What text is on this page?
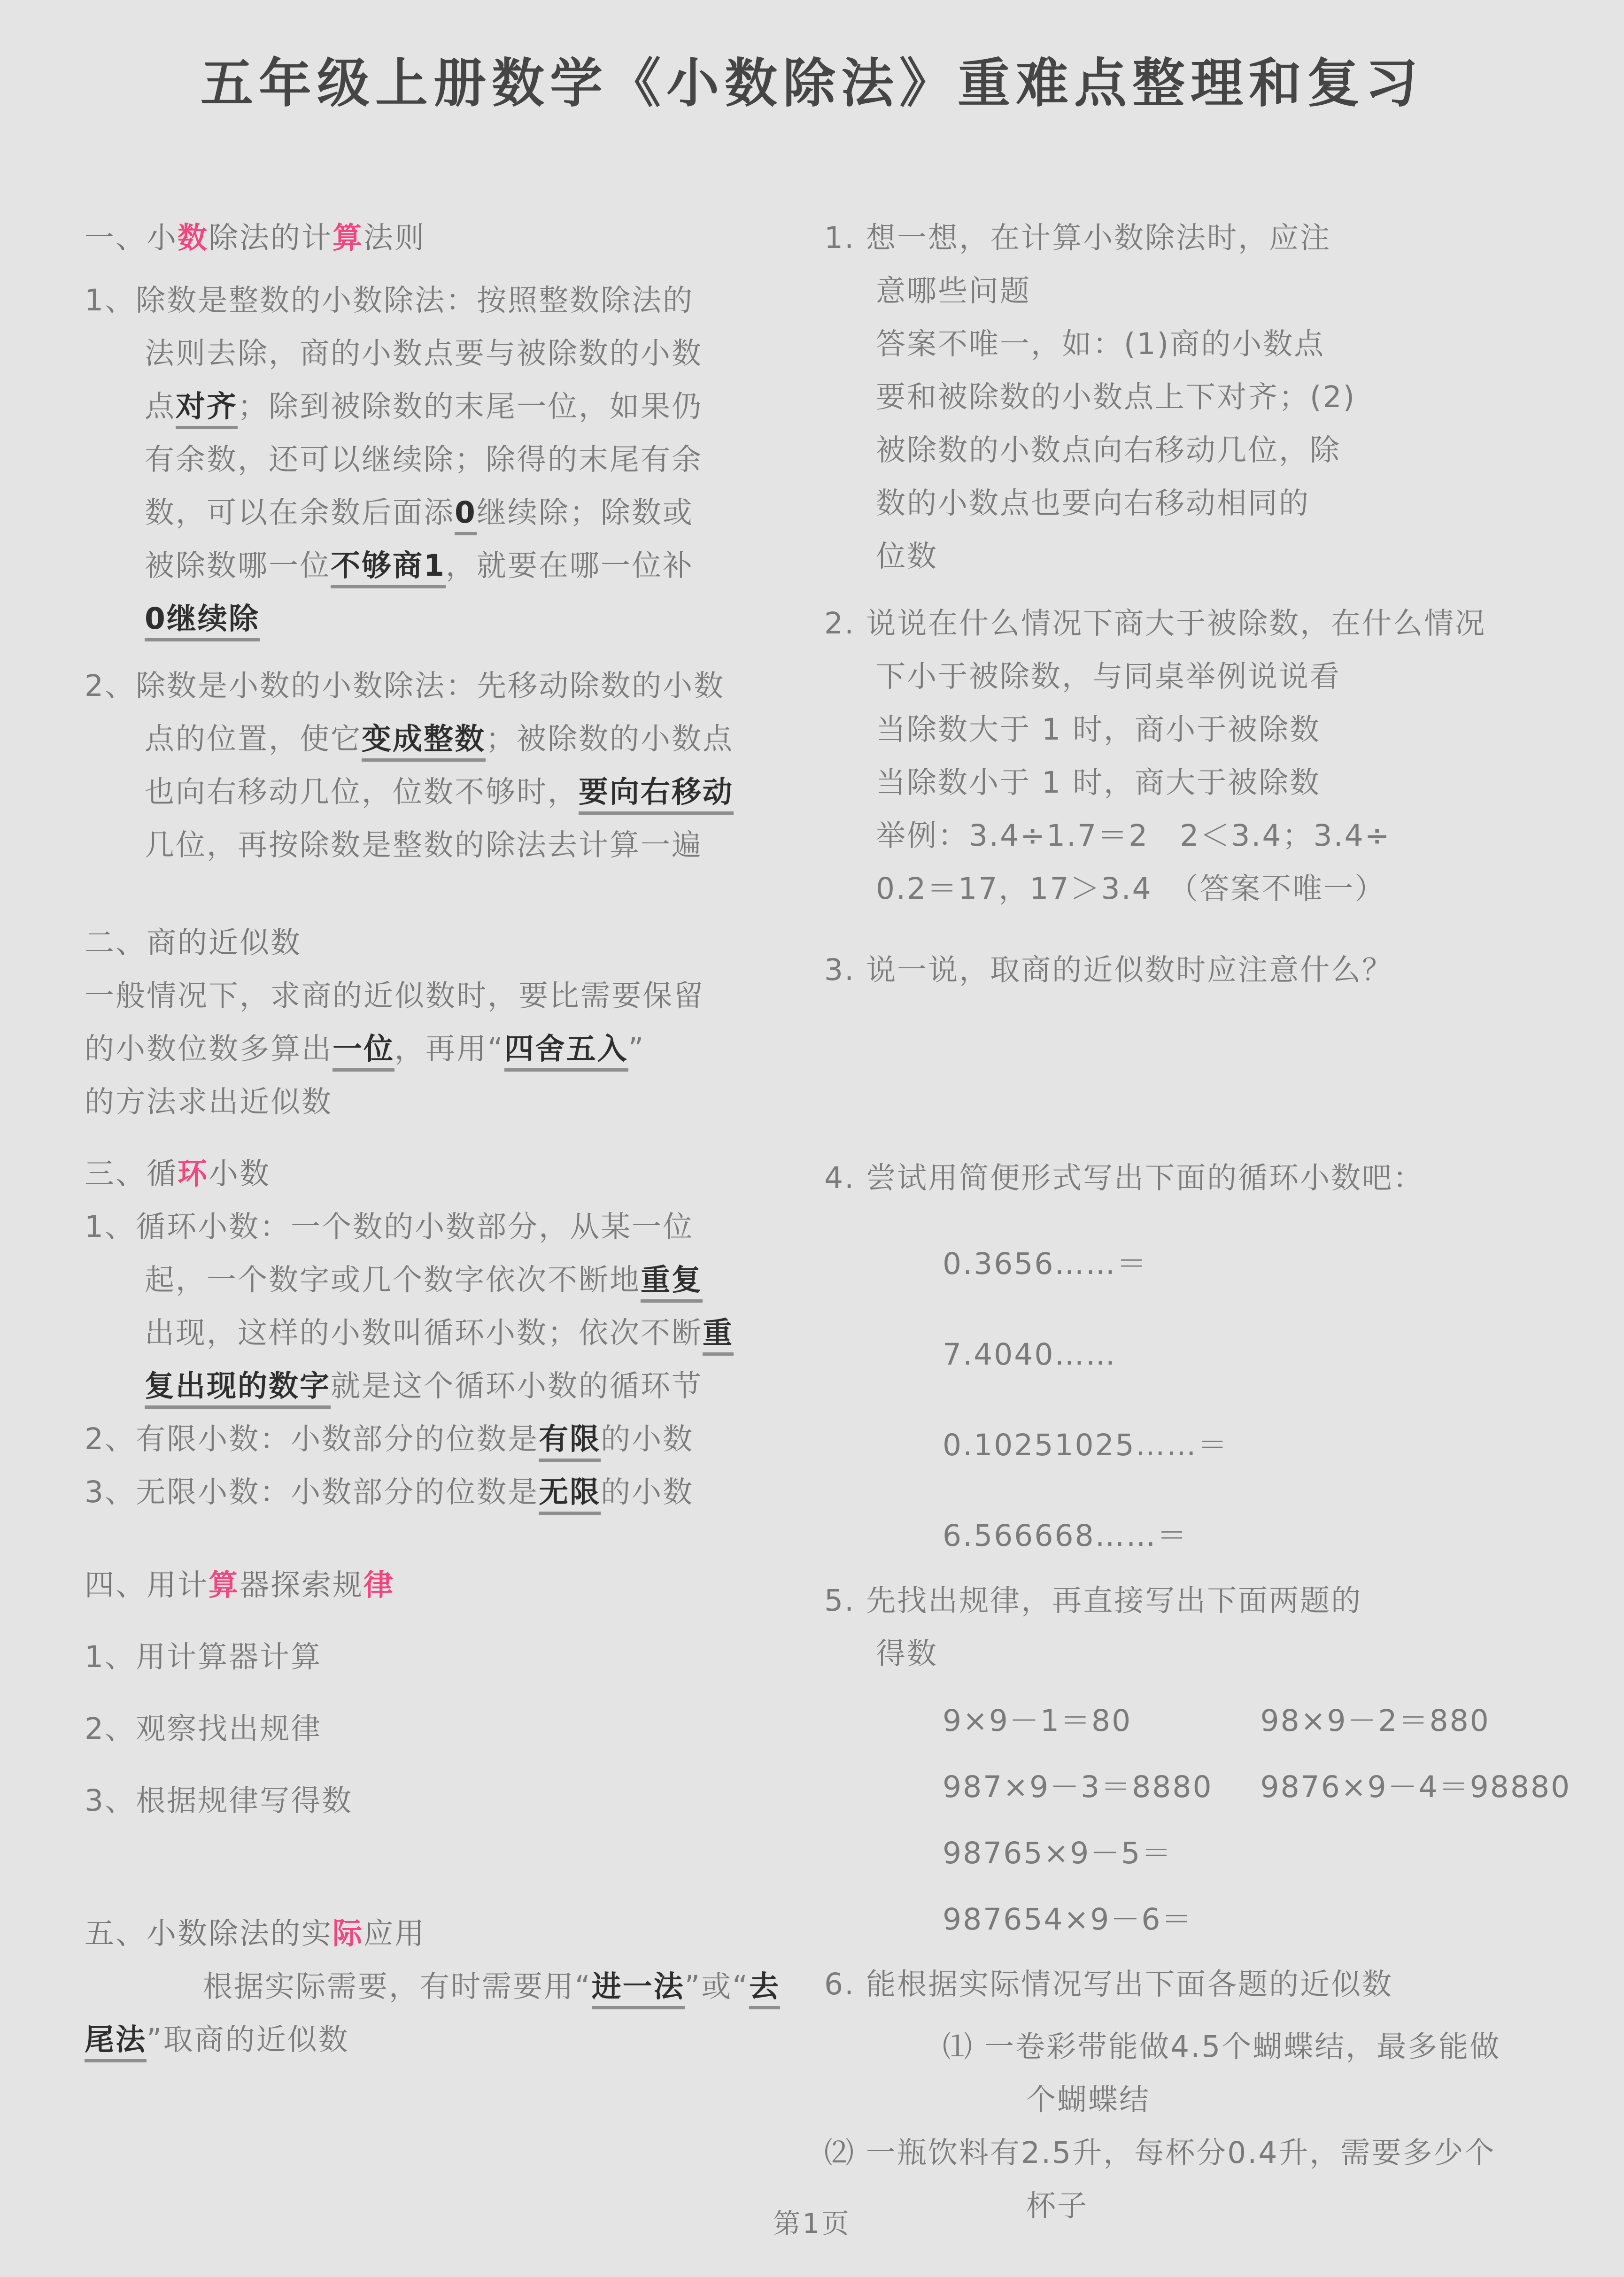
五年级上册数学《小数除法》重难点整理和复习
一、小数除法的计算法则
1、除数是整数的小数除法：按照整数除法的
法则去除，商的小数点要与被除数的小数
点对齐；除到被除数的末尾一位，如果仍
有余数，还可以继续除；除得的末尾有余
数，可以在余数后面添0继续除；除数或
被除数哪一位不够商1，就要在哪一位补
0继续除
2、除数是小数的小数除法：先移动除数的小数
点的位置，使它变成整数；被除数的小数点
也向右移动几位，位数不够时，要向右移动
几位，再按除数是整数的除法去计算一遍
二、商的近似数
一般情况下，求商的近似数时，要比需要保留
的小数位数多算出一位，再用“四舍五入”
的方法求出近似数
三、循环小数
1、循环小数：一个数的小数部分，从某一位
起，一个数字或几个数字依次不断地重复
出现，这样的小数叫循环小数；依次不断重
复出现的数字就是这个循环小数的循环节
2、有限小数：小数部分的位数是有限的小数
3、无限小数：小数部分的位数是无限的小数
四、用计算器探索规律
1、用计算器计算
2、观察找出规律
3、根据规律写得数
五、小数除法的实际应用
根据实际需要，有时需要用“进一法”或“去
尾法”取商的近似数
1. 想一想，在计算小数除法时，应注
意哪些问题
答案不唯一，如：(1)商的小数点
要和被除数的小数点上下对齐；(2)
被除数的小数点向右移动几位，除
数的小数点也要向右移动相同的
位数
2. 说说在什么情况下商大于被除数，在什么情况
下小于被除数，与同桌举例说说看
当除数大于 1 时，商小于被除数
当除数小于 1 时，商大于被除数
举例：3.4÷1.7＝2　2＜3.4；3.4÷
0.2＝17，17＞3.4　（答案不唯一）
3. 说一说，取商的近似数时应注意什么？
4. 尝试用简便形式写出下面的循环小数吧：
0.3656……＝
7.4040……
0.10251025……＝
6.566668……＝
5. 先找出规律，再直接写出下面两题的
得数
9×9－1＝80	98×9－2＝880
987×9－3＝8880	9876×9－4＝98880
98765×9－5＝
987654×9－6＝
6. 能根据实际情况写出下面各题的近似数
⑴ 一卷彩带能做4.5个蝴蝶结，最多能做
个蝴蝶结
⑵ 一瓶饮料有2.5升，每杯分0.4升，需要多少个
杯子
第1页
